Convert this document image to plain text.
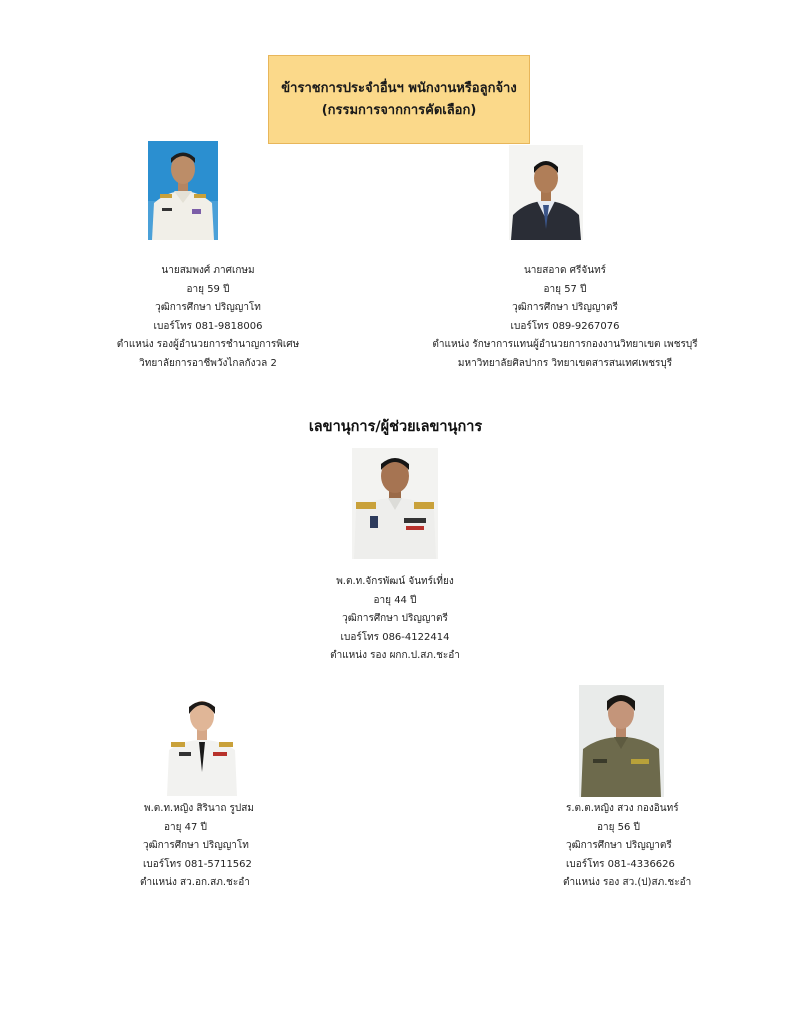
ข้าราชการประจำอื่นฯ พนักงานหรือลูกจ้าง
(กรรมการจากการคัดเลือก)
นายสมพงศ์ ภาศเกษม
อายุ 59 ปี
วุฒิการศึกษา ปริญญาโท
เบอร์โทร 081-9818006
ตำแหน่ง รองผู้อำนวยการชำนาญการพิเศษ
วิทยาลัยการอาชีพวังไกลกังวล 2
นายสอาด ศรีจันทร์
อายุ 57 ปี
วุฒิการศึกษา ปริญญาตรี
เบอร์โทร 089-9267076
ตำแหน่ง รักษาการแทนผู้อำนวยการกองงานวิทยาเขต เพชรบุรี
มหาวิทยาลัยศิลปากร วิทยาเขตสารสนเทศเพชรบุรี
เลขานุการ/ผู้ช่วยเลขานุการ
พ.ต.ท.จักรพัฒน์ จันทร์เที่ยง
อายุ 44 ปี
วุฒิการศึกษา ปริญญาตรี
เบอร์โทร 086-4122414
ตำแหน่ง รอง ผกก.ป.สภ.ชะอำ
พ.ต.ท.หญิง สิรินาถ รูปสม
อายุ 47 ปี
วุฒิการศึกษา ปริญญาโท
เบอร์โทร 081-5711562
ตำแหน่ง สว.อก.สภ.ชะอำ
ร.ต.ต.หญิง สวง กองอินทร์
อายุ 56 ปี
วุฒิการศึกษา ปริญญาตรี
เบอร์โทร 081-4336626
ตำแหน่ง รอง สว.(ป)สภ.ชะอำ
